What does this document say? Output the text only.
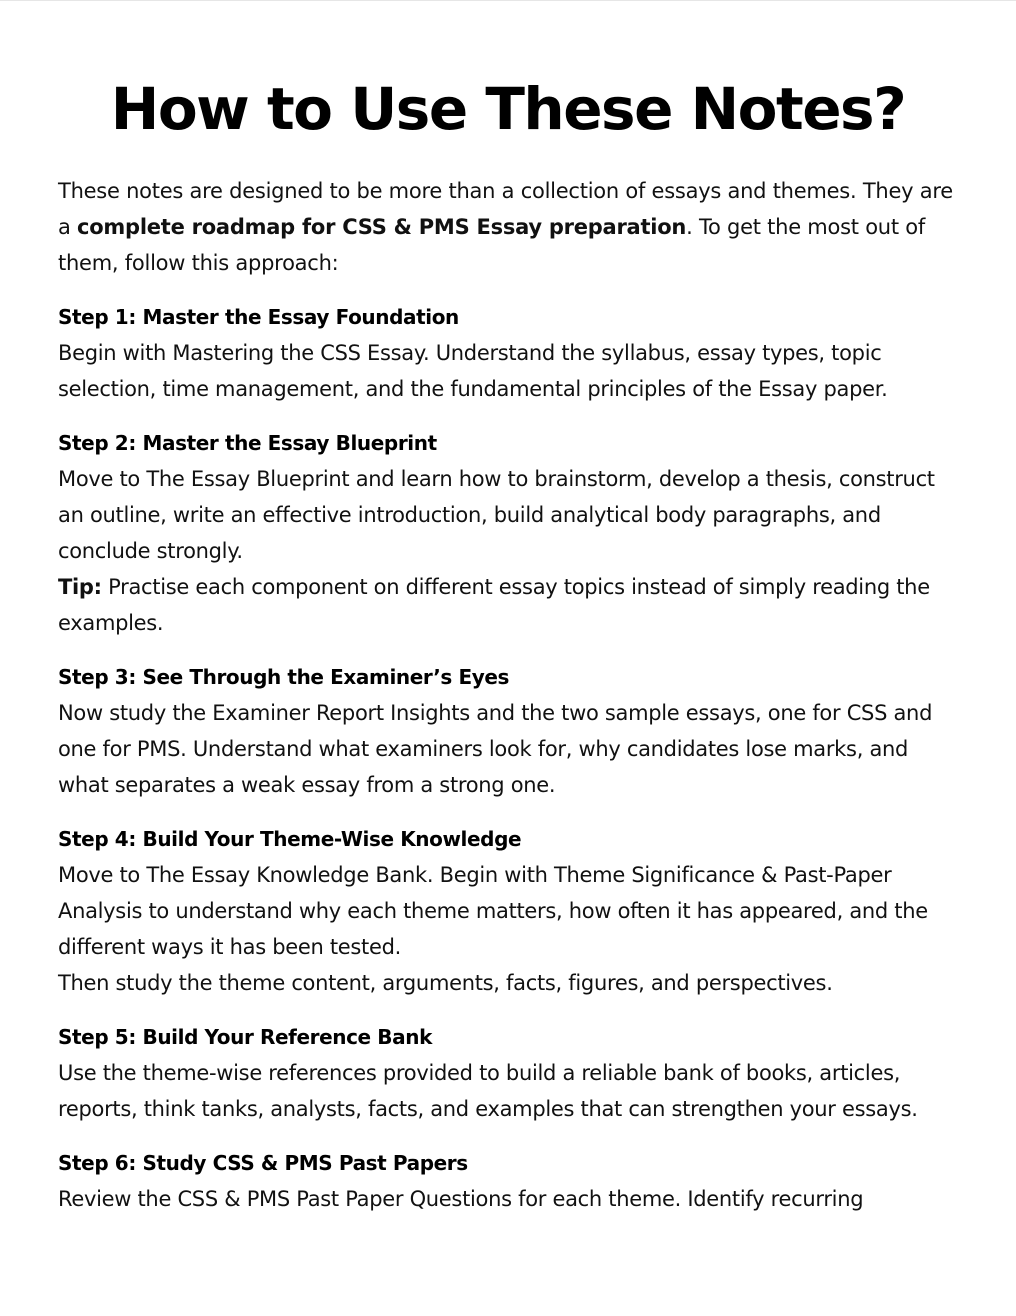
How to Use These Notes?

These notes are designed to be more than a collection of essays and themes. They are a complete roadmap for CSS & PMS Essay preparation. To get the most out of them, follow this approach:

Step 1: Master the Essay Foundation

Begin with Mastering the CSS Essay. Understand the syllabus, essay types, topic selection, time management, and the fundamental principles of the Essay paper.

Step 2: Master the Essay Blueprint

Move to The Essay Blueprint and learn how to brainstorm, develop a thesis, construct an outline, write an effective introduction, build analytical body paragraphs, and conclude strongly.

Tip: Practise each component on different essay topics instead of simply reading the examples.

Step 3: See Through the Examiner’s Eyes

Now study the Examiner Report Insights and the two sample essays, one for CSS and one for PMS. Understand what examiners look for, why candidates lose marks, and what separates a weak essay from a strong one.

Step 4: Build Your Theme-Wise Knowledge

Move to The Essay Knowledge Bank. Begin with Theme Significance & Past-Paper Analysis to understand why each theme matters, how often it has appeared, and the different ways it has been tested.

Then study the theme content, arguments, facts, figures, and perspectives.

Step 5: Build Your Reference Bank

Use the theme-wise references provided to build a reliable bank of books, articles, reports, think tanks, analysts, facts, and examples that can strengthen your essays.

Step 6: Study CSS & PMS Past Papers

Review the CSS & PMS Past Paper Questions for each theme. Identify recurring
